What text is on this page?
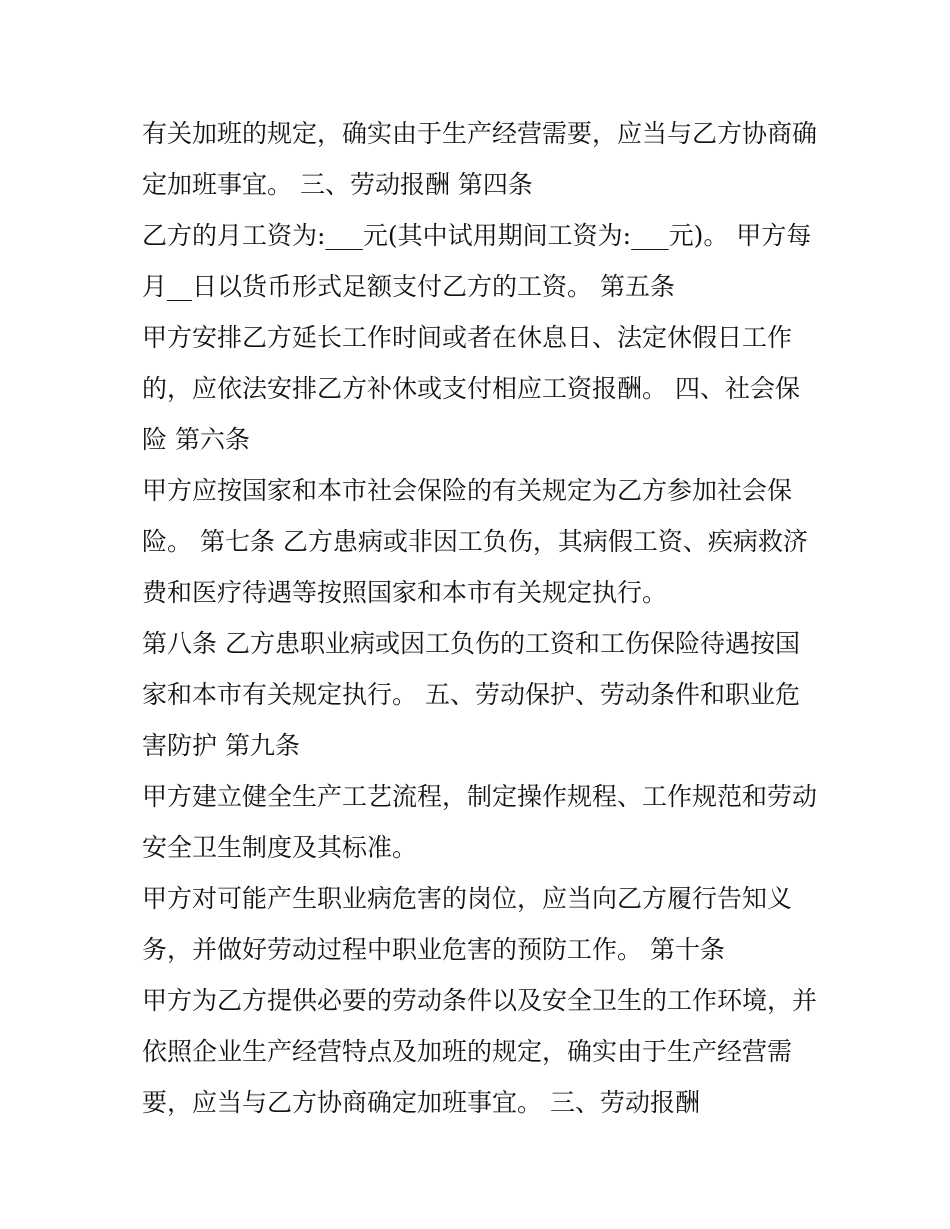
有关加班的规定，确实由于生产经营需要，应当与乙方协商确
定加班事宜。 三、劳动报酬 第四条
乙方的月工资为:___元(其中试用期间工资为:___元)。 甲方每
月__日以货币形式足额支付乙方的工资。 第五条
甲方安排乙方延长工作时间或者在休息日、法定休假日工作
的，应依法安排乙方补休或支付相应工资报酬。 四、社会保
险 第六条
甲方应按国家和本市社会保险的有关规定为乙方参加社会保
险。 第七条 乙方患病或非因工负伤，其病假工资、疾病救济
费和医疗待遇等按照国家和本市有关规定执行。
第八条 乙方患职业病或因工负伤的工资和工伤保险待遇按国
家和本市有关规定执行。 五、劳动保护、劳动条件和职业危
害防护 第九条
甲方建立健全生产工艺流程，制定操作规程、工作规范和劳动
安全卫生制度及其标准。
甲方对可能产生职业病危害的岗位，应当向乙方履行告知义
务，并做好劳动过程中职业危害的预防工作。 第十条
甲方为乙方提供必要的劳动条件以及安全卫生的工作环境，并
依照企业生产经营特点及加班的规定，确实由于生产经营需
要，应当与乙方协商确定加班事宜。 三、劳动报酬
